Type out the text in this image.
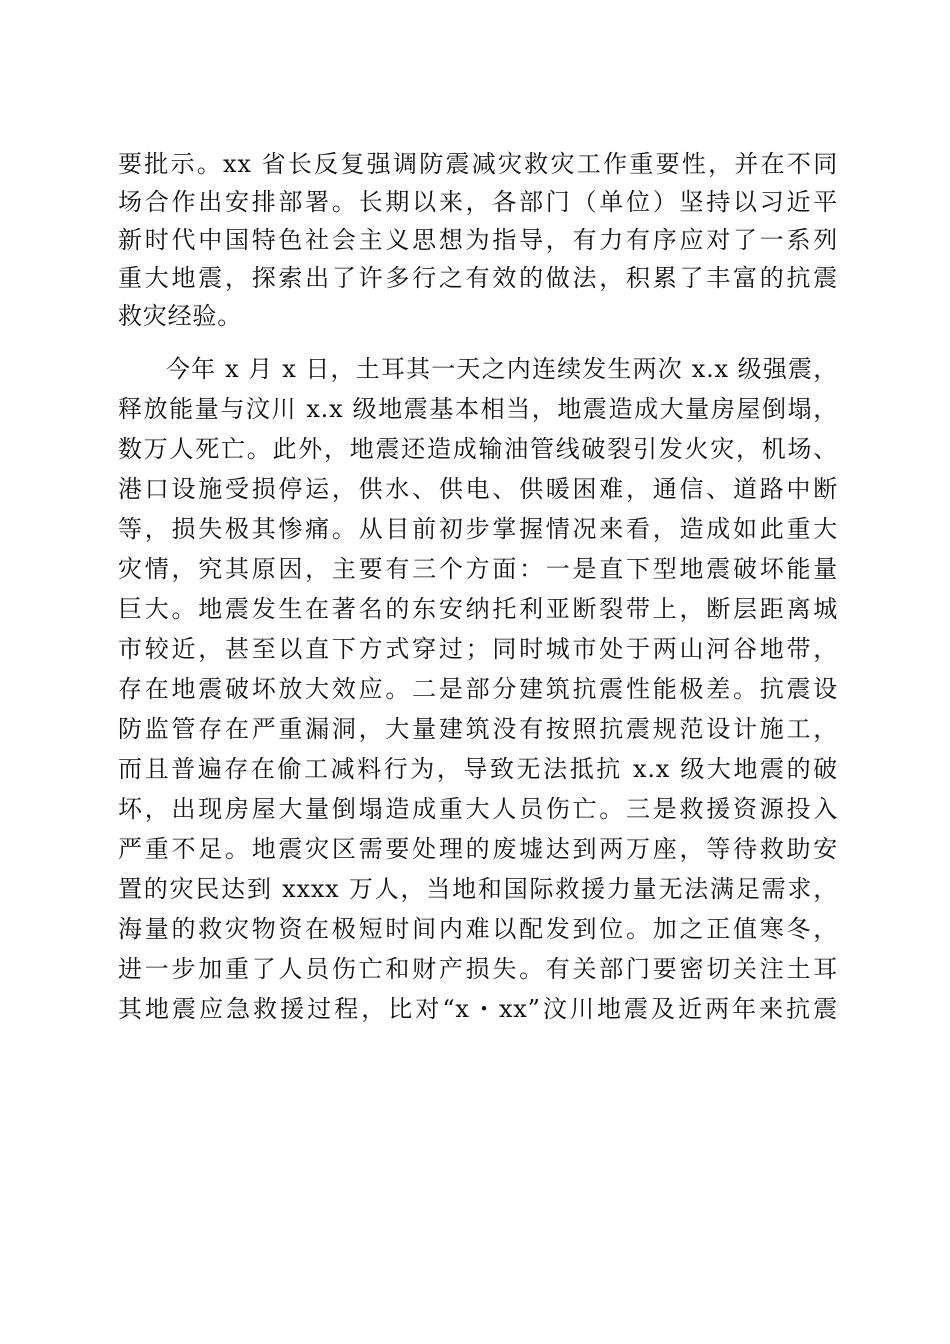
要批示。xx 省长反复强调防震减灾救灾工作重要性，并在不同
场合作出安排部署。长期以来，各部门（单位）坚持以习近平
新时代中国特色社会主义思想为指导，有力有序应对了一系列
重大地震，探索出了许多行之有效的做法，积累了丰富的抗震
救灾经验。
今年 x 月 x 日，土耳其一天之内连续发生两次 x.x 级强震，
释放能量与汶川 x.x 级地震基本相当，地震造成大量房屋倒塌，
数万人死亡。此外，地震还造成输油管线破裂引发火灾，机场、
港口设施受损停运，供水、供电、供暖困难，通信、道路中断
等，损失极其惨痛。从目前初步掌握情况来看，造成如此重大
灾情，究其原因，主要有三个方面：一是直下型地震破坏能量
巨大。地震发生在著名的东安纳托利亚断裂带上，断层距离城
市较近，甚至以直下方式穿过；同时城市处于两山河谷地带，
存在地震破坏放大效应。二是部分建筑抗震性能极差。抗震设
防监管存在严重漏洞，大量建筑没有按照抗震规范设计施工，
而且普遍存在偷工减料行为，导致无法抵抗 x.x 级大地震的破
坏，出现房屋大量倒塌造成重大人员伤亡。三是救援资源投入
严重不足。地震灾区需要处理的废墟达到两万座，等待救助安
置的灾民达到 xxxx 万人，当地和国际救援力量无法满足需求，
海量的救灾物资在极短时间内难以配发到位。加之正值寒冬，
进一步加重了人员伤亡和财产损失。有关部门要密切关注土耳
其地震应急救援过程，比对“x・xx”汶川地震及近两年来抗震
